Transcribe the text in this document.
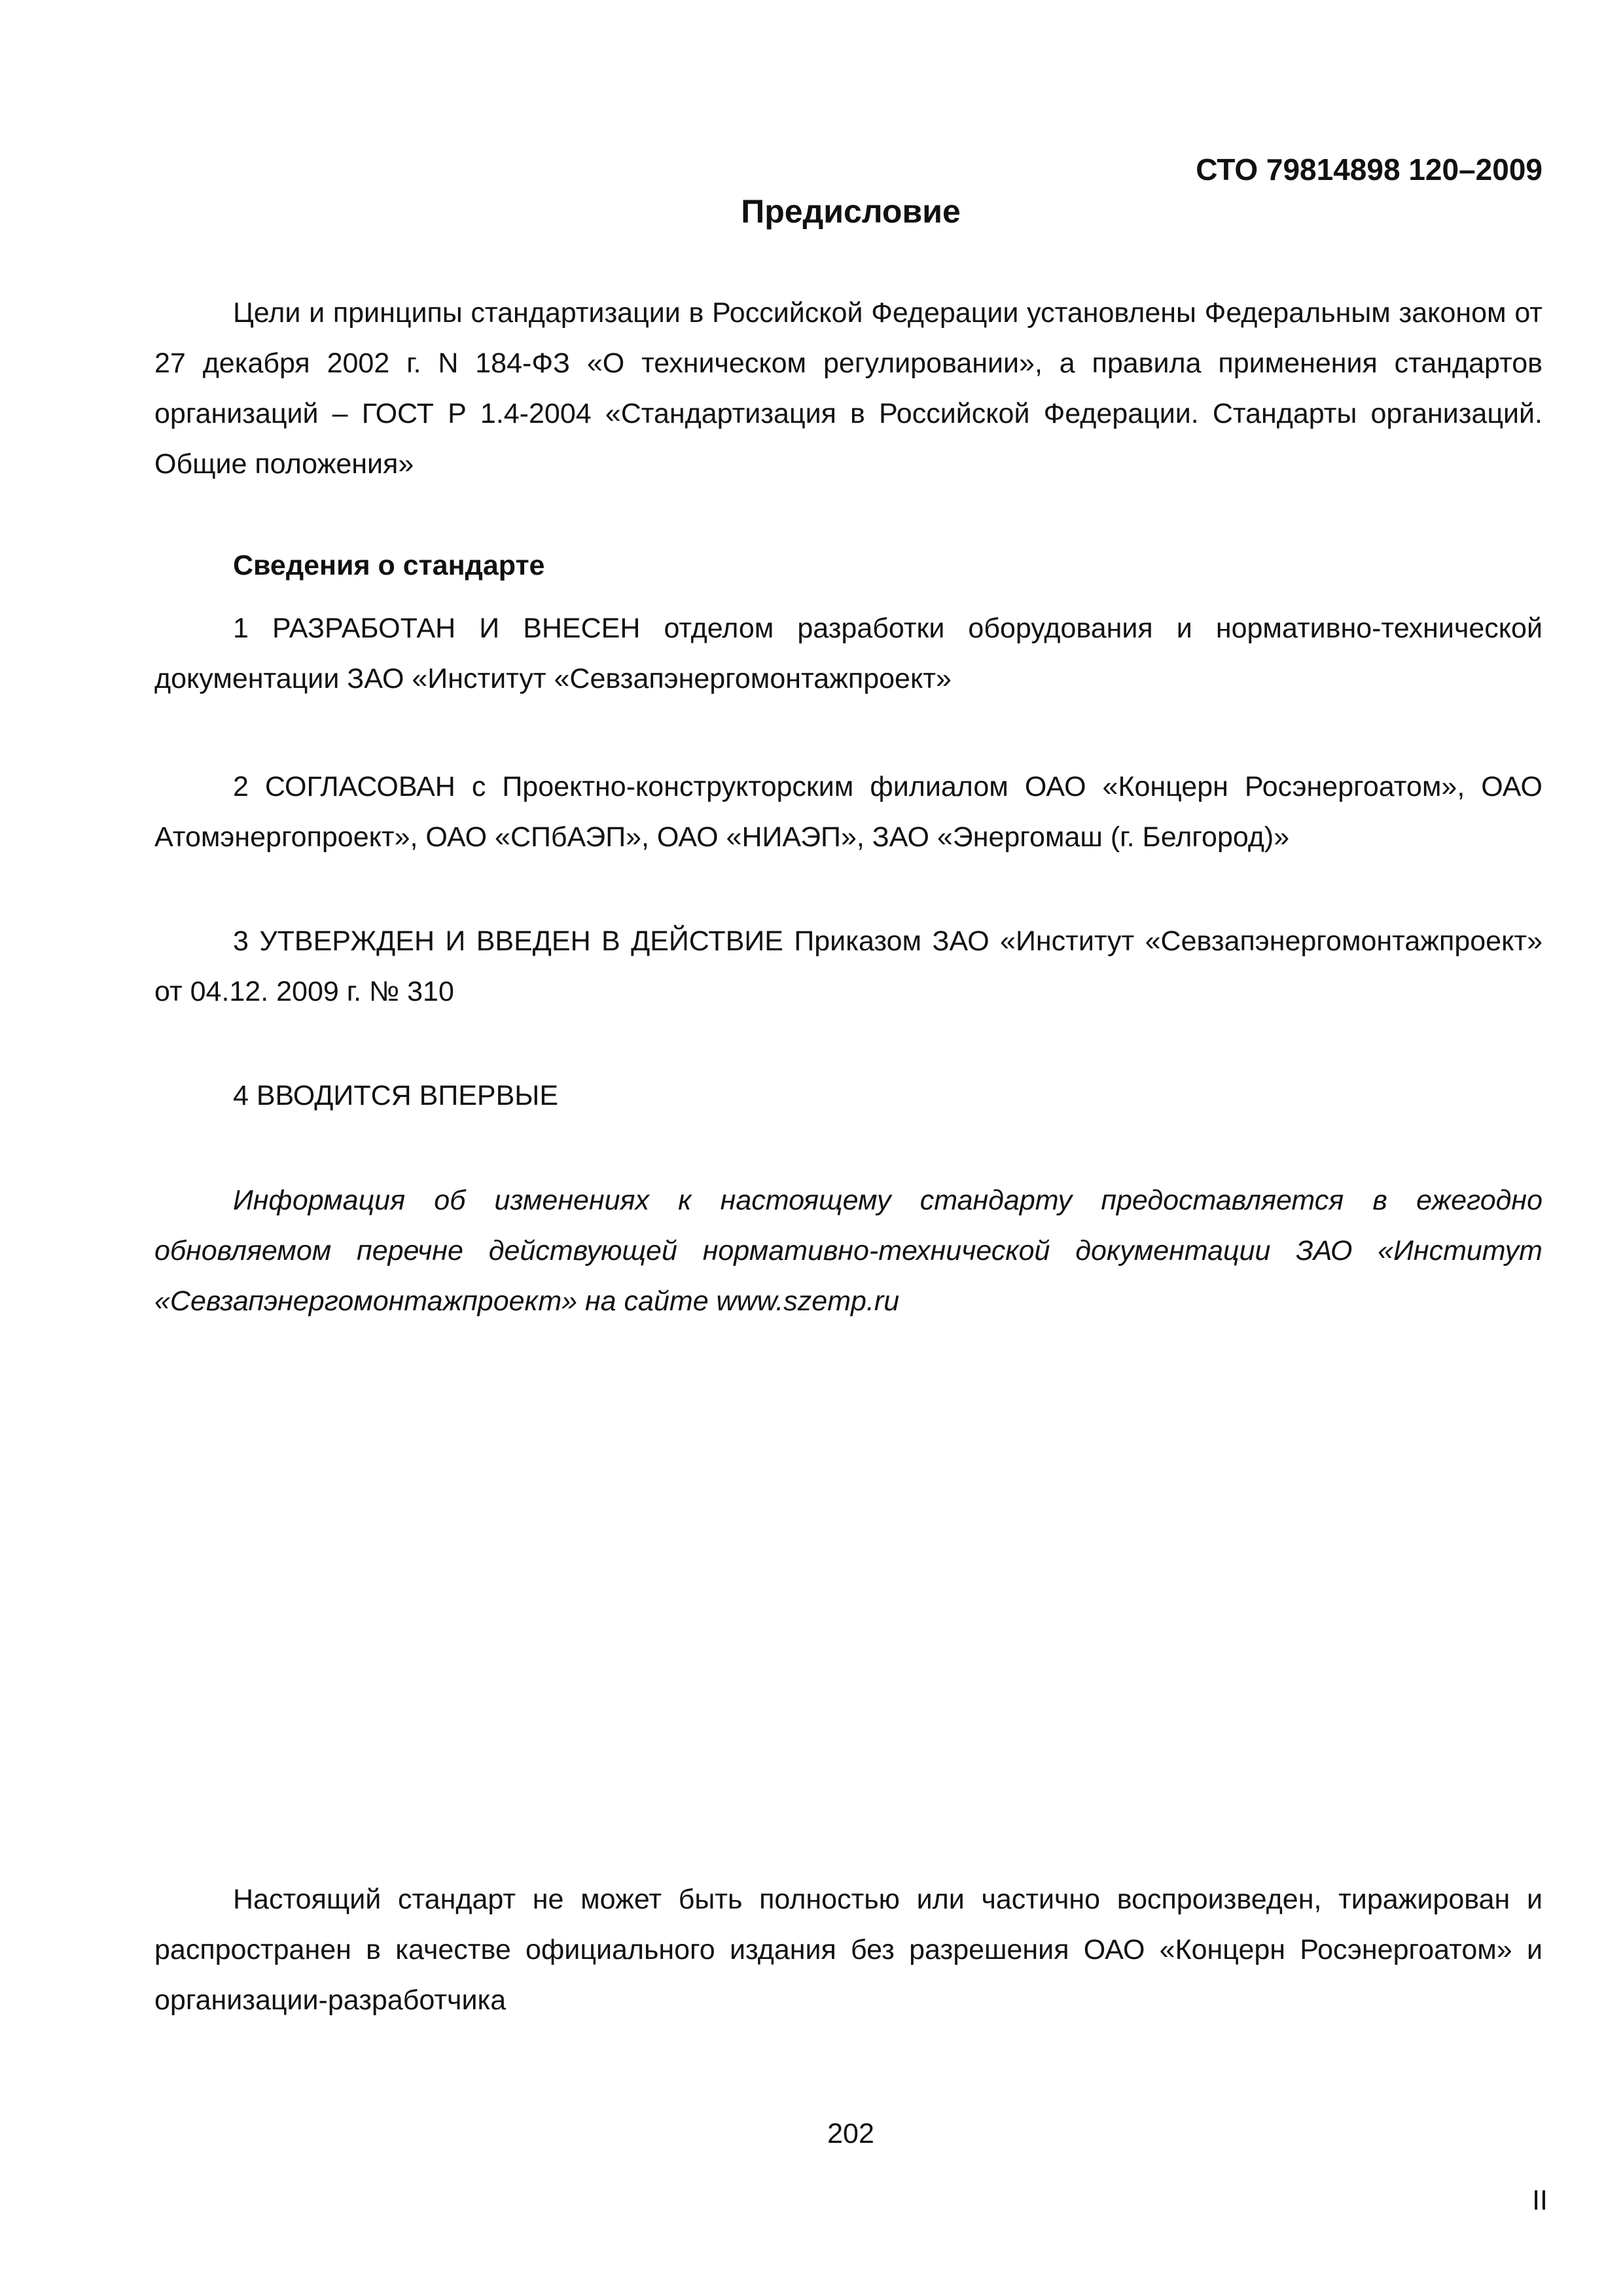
СТО 79814898 120–2009
Предисловие

Цели и принципы стандартизации в Российской Федерации установлены Федеральным законом от 27 декабря 2002 г. N 184-ФЗ «О техническом регулировании», а правила применения стандартов организаций – ГОСТ Р 1.4-2004 «Стандартизация в Российской Федерации. Стандарты организаций. Общие положения»

Сведения о стандарте

1 РАЗРАБОТАН И ВНЕСЕН отделом разработки оборудования и нормативно-технической документации ЗАО «Институт «Севзапэнергомонтажпроект»

2 СОГЛАСОВАН с Проектно-конструкторским филиалом ОАО «Концерн Росэнергоатом», ОАО Атомэнергопроект», ОАО «СПбАЭП», ОАО «НИАЭП», ЗАО «Энергомаш (г. Белгород)»

3 УТВЕРЖДЕН И ВВЕДЕН В ДЕЙСТВИЕ Приказом ЗАО «Институт «Севзапэнергомонтажпроект» от 04.12. 2009 г. № 310

4 ВВОДИТСЯ ВПЕРВЫЕ

Информация об изменениях к настоящему стандарту предоставляется в ежегодно обновляемом перечне действующей нормативно-технической документации ЗАО «Институт «Севзапэнергомонтажпроект» на сайте www.szemp.ru

Настоящий стандарт не может быть полностью или частично воспроизведен, тиражирован и распространен в качестве официального издания без разрешения ОАО «Концерн Росэнергоатом» и организации-разработчика

202
II
